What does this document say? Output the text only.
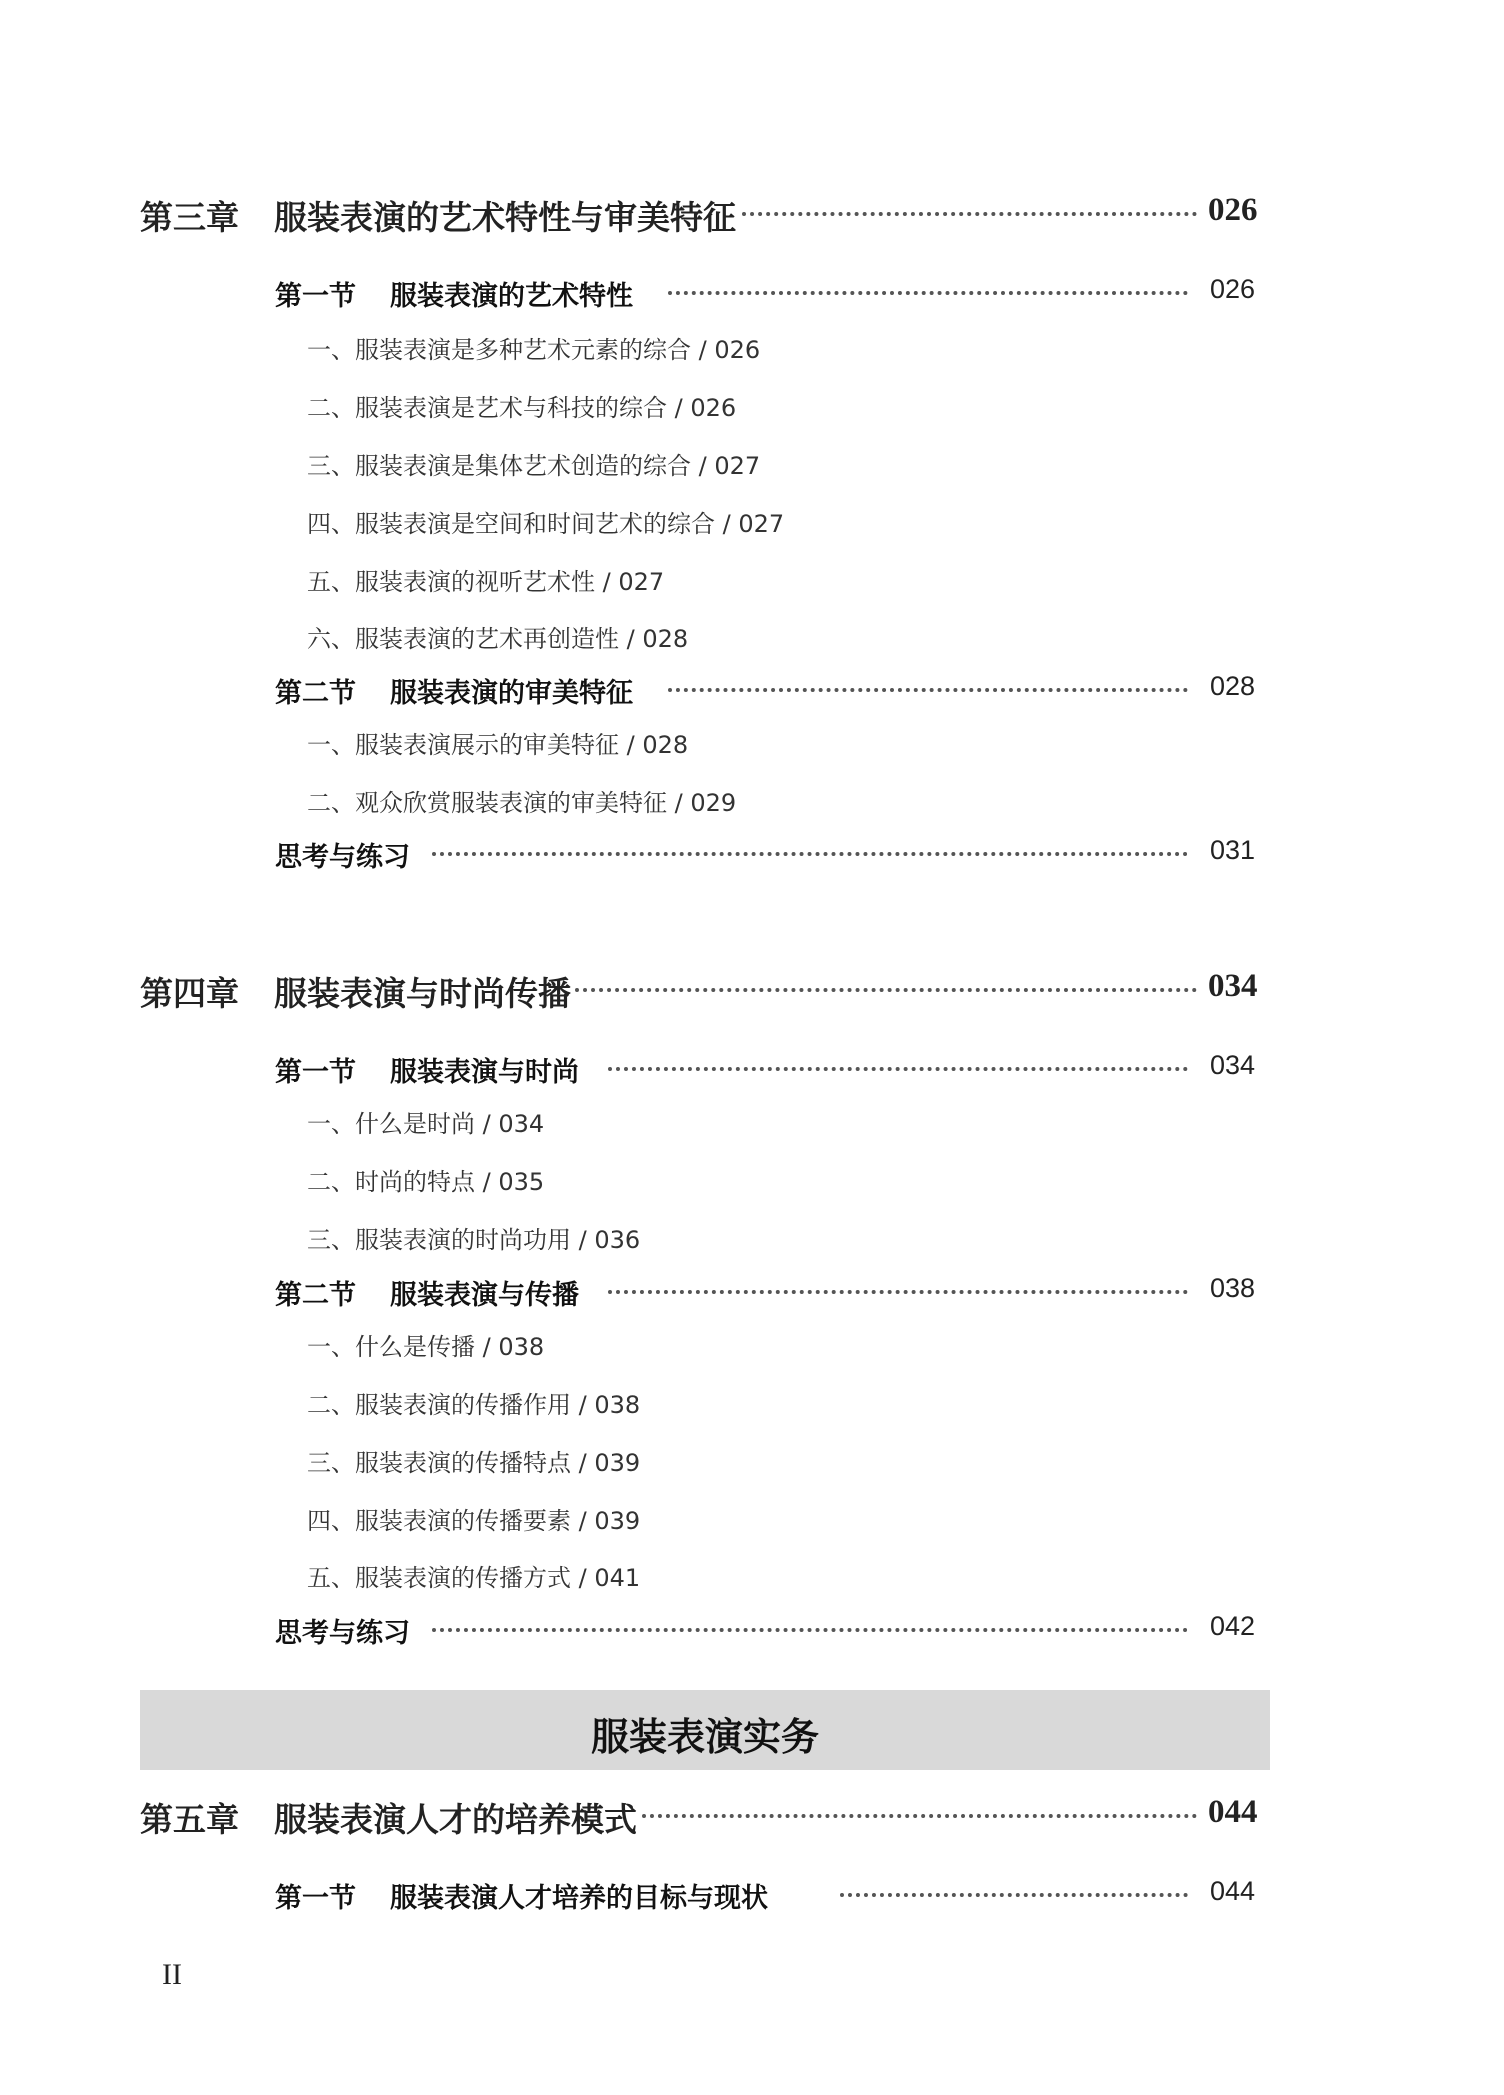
第三章 服装表演的艺术特性与审美特征	026
第一节 服装表演的艺术特性	026
一、服装表演是多种艺术元素的综合 / 026
二、服装表演是艺术与科技的综合 / 026
三、服装表演是集体艺术创造的综合 / 027
四、服装表演是空间和时间艺术的综合 / 027
五、服装表演的视听艺术性 / 027
六、服装表演的艺术再创造性 / 028
第二节 服装表演的审美特征	028
一、服装表演展示的审美特征 / 028
二、观众欣赏服装表演的审美特征 / 029
思考与练习	031
第四章 服装表演与时尚传播	034
第一节 服装表演与时尚	034
一、什么是时尚 / 034
二、时尚的特点 / 035
三、服装表演的时尚功用 / 036
第二节 服装表演与传播	038
一、什么是传播 / 038
二、服装表演的传播作用 / 038
三、服装表演的传播特点 / 039
四、服装表演的传播要素 / 039
五、服装表演的传播方式 / 041
思考与练习	042
服装表演实务
第五章 服装表演人才的培养模式	044
第一节 服装表演人才培养的目标与现状	044
II
